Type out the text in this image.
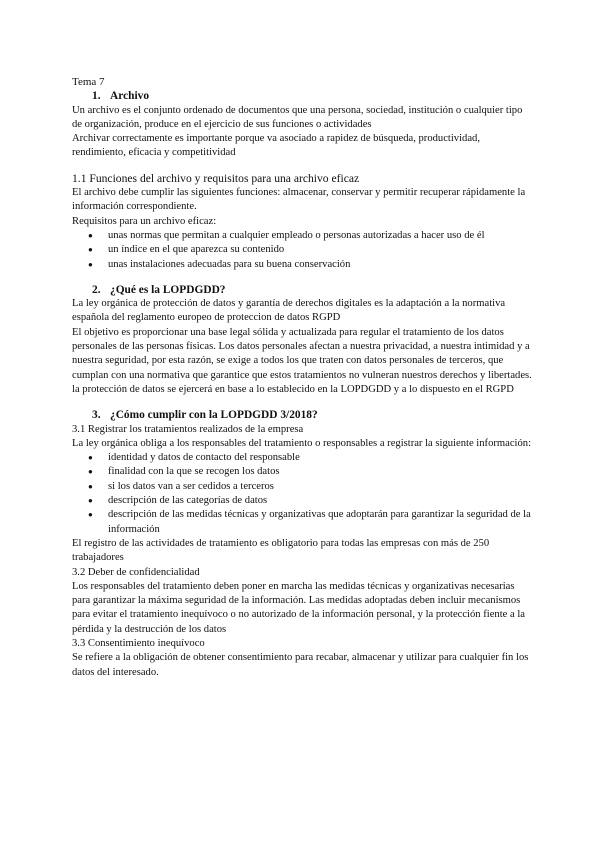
Tema 7

1. Archivo

Un archivo es el conjunto ordenado de documentos que una persona, sociedad, institución o cualquier tipo de organización, produce en el ejercicio de sus funciones o actividades

Archivar correctamente es importante porque va asociado a rapidez de búsqueda, productividad, rendimiento, eficacia y competitividad

1.1 Funciones del archivo y requisitos para una archivo eficaz

El archivo debe cumplir las siguientes funciones: almacenar, conservar y permitir recuperar rápidamente la información correspondiente.

Requisitos para un archivo eficaz:

● unas normas que permitan a cualquier empleado o personas autorizadas a hacer uso de él
● un índice en el que aparezca su contenido
● unas instalaciones adecuadas para su buena conservación

2. ¿Qué es la LOPDGDD?

La ley orgánica de protección de datos y garantía de derechos digitales es la adaptación a la normativa española del reglamento europeo de proteccion de datos RGPD

El objetivo es proporcionar una base legal sólida y actualizada para regular el tratamiento de los datos personales de las personas físicas. Los datos personales afectan a nuestra privacidad, a nuestra intimidad y a nuestra seguridad, por esta razón, se exige a todos los que traten con datos personales de terceros, que cumplan con una normativa que garantice que estos tratamientos no vulneran nuestros derechos y libertades.

la protección de datos se ejercerá en base a lo establecido en la LOPDGDD y a lo dispuesto en el RGPD

3. ¿Cómo cumplir con la LOPDGDD 3/2018?

3.1 Registrar los tratamientos realizados de la empresa

La ley orgánica obliga a los responsables del tratamiento o responsables a registrar la siguiente información:

● identidad y datos de contacto del responsable
● finalidad con la que se recogen los datos
● si los datos van a ser cedidos a terceros
● descripción de las categorías de datos
● descripción de las medidas técnicas y organizativas que adoptarán para garantizar la seguridad de la información

El registro de las actividades de tratamiento es obligatorio para todas las empresas con más de 250 trabajadores

3.2 Deber de confidencialidad

Los responsables del tratamiento deben poner en marcha las medidas técnicas y organizativas necesarias para garantizar la máxima seguridad de la información. Las medidas adoptadas deben incluir mecanismos para evitar el tratamiento inequívoco o no autorizado de la información personal, y la protección fiente a la pérdida y la destrucción de los datos

3.3 Consentimiento inequívoco

Se refiere a la obligación de obtener consentimiento para recabar, almacenar y utilizar para cualquier fin los datos del interesado.
